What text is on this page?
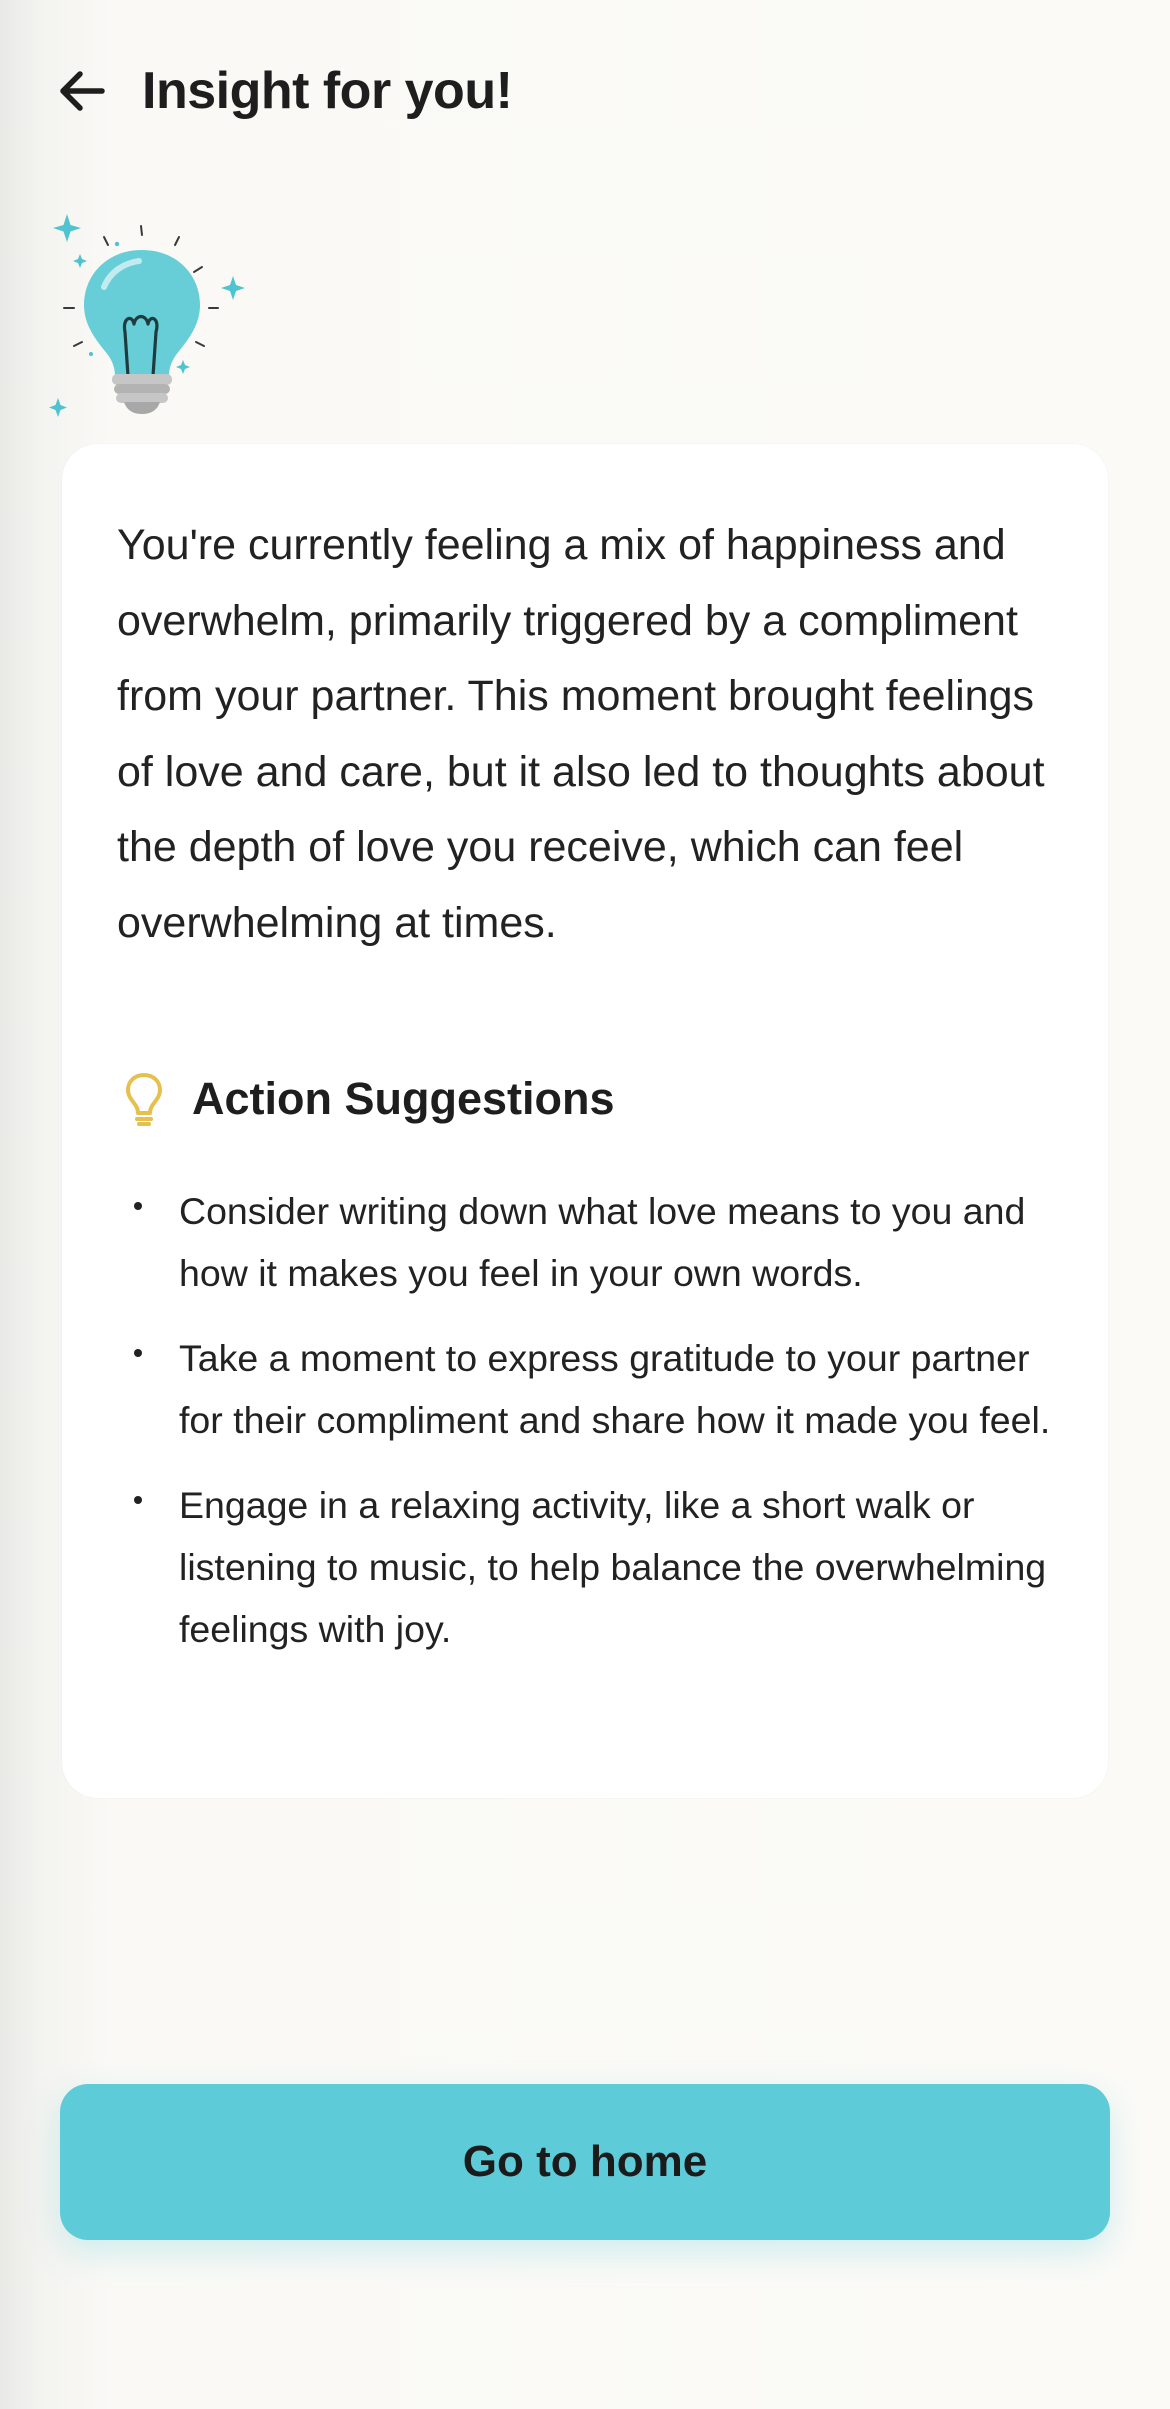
Insight for you!

You're currently feeling a mix of happiness and overwhelm, primarily triggered by a compliment from your partner. This moment brought feelings of love and care, but it also led to thoughts about the depth of love you receive, which can feel overwhelming at times.

Action Suggestions
Consider writing down what love means to you and how it makes you feel in your own words.
Take a moment to express gratitude to your partner for their compliment and share how it made you feel.
Engage in a relaxing activity, like a short walk or listening to music, to help balance the overwhelming feelings with joy.
Go to home
